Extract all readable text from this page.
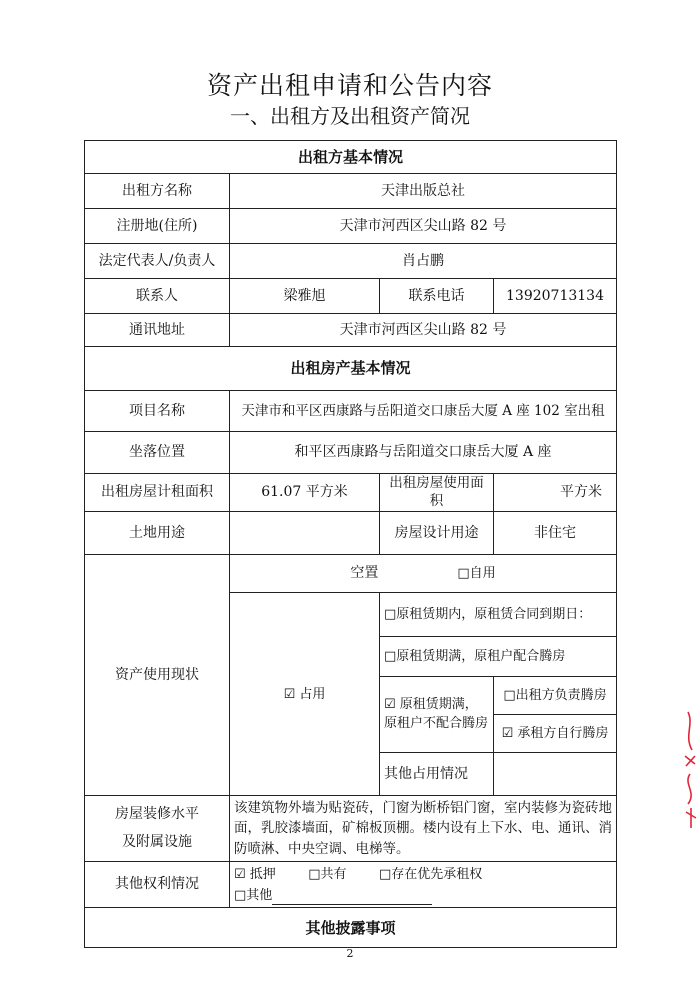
资产出租申请和公告内容
一、出租方及出租资产简况
出租方基本情况			
出租方名称	天津出版总社		
注册地(住所)	天津市河西区尖山路 82 号		
法定代表人/负责人	肖占鹏		
联系人	梁雅旭	联系电话	13920713134
通讯地址	天津市河西区尖山路 82 号		
出租房产基本情况			
项目名称	天津市和平区西康路与岳阳道交口康岳大厦 A 座 102 室出租		
坐落位置	和平区西康路与岳阳道交口康岳大厦 A 座		
出租房屋计租面积	61.07 平方米	出租房屋使用面积	平方米
土地用途		房屋设计用途	非住宅
资产使用现状	空置 □自用		
	☑ 占用	□原租赁期内，原租赁合同到期日：	
		□原租赁期满，原租户配合腾房	
		☑ 原租赁期满，原租户不配合腾房	□出租方负责腾房
			☑ 承租方自行腾房
		其他占用情况	

房屋装修水平
及附属设施	该建筑物外墙为贴瓷砖，门窗为断桥铝门窗，室内装修为瓷砖地面，乳胶漆墙面，矿棉板顶棚。楼内设有上下水、电、通讯、消防喷淋、中央空调、电梯等。		
其他权利情况	☑ 抵押 □共有 □存在优先承租权
□其他		

其他披露事项			
2
